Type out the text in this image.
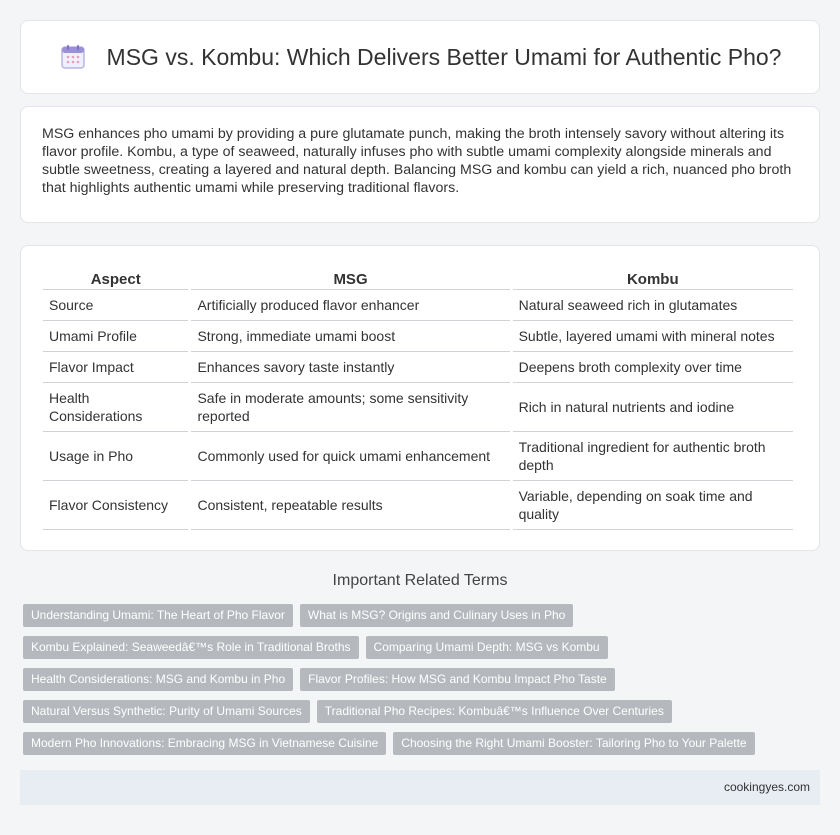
MSG vs. Kombu: Which Delivers Better Umami for Authentic Pho?

MSG enhances pho umami by providing a pure glutamate punch, making the broth intensely savory without altering its flavor profile. Kombu, a type of seaweed, naturally infuses pho with subtle umami complexity alongside minerals and subtle sweetness, creating a layered and natural depth. Balancing MSG and kombu can yield a rich, nuanced pho broth that highlights authentic umami while preserving traditional flavors.

Aspect	MSG	Kombu
Source	Artificially produced flavor enhancer	Natural seaweed rich in glutamates
Umami Profile	Strong, immediate umami boost	Subtle, layered umami with mineral notes
Flavor Impact	Enhances savory taste instantly	Deepens broth complexity over time
Health Considerations	Safe in moderate amounts; some sensitivity reported	Rich in natural nutrients and iodine
Usage in Pho	Commonly used for quick umami enhancement	Traditional ingredient for authentic broth depth
Flavor Consistency	Consistent, repeatable results	Variable, depending on soak time and quality
Important Related Terms
Understanding Umami: The Heart of Pho Flavor	What is MSG? Origins and Culinary Uses in Pho
Kombu Explained: Seaweedâ€™s Role in Traditional Broths	Comparing Umami Depth: MSG vs Kombu
Health Considerations: MSG and Kombu in Pho	Flavor Profiles: How MSG and Kombu Impact Pho Taste
Natural Versus Synthetic: Purity of Umami Sources	Traditional Pho Recipes: Kombuâ€™s Influence Over Centuries
Modern Pho Innovations: Embracing MSG in Vietnamese Cuisine	Choosing the Right Umami Booster: Tailoring Pho to Your Palette
cookingyes.com
